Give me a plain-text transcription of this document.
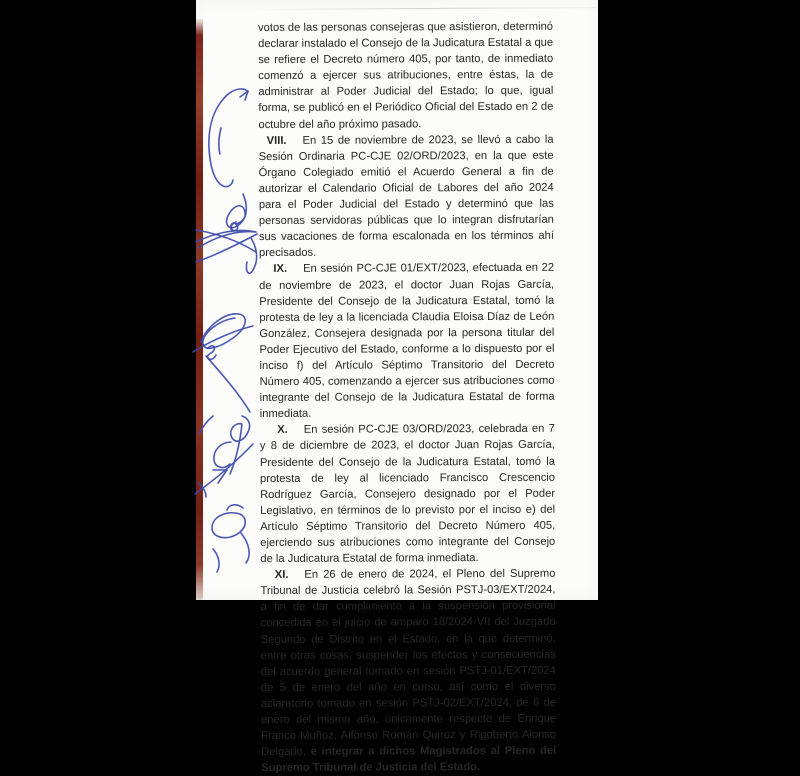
votos de las personas consejeras que asistieron, determinó declarar instalado el Consejo de la Judicatura Estatal a que se refiere el Decreto número 405, por tanto, de inmediato comenzó a ejercer sus atribuciones, entre éstas, la de administrar al Poder Judicial del Estado; lo que, igual forma, se publicó en el Periódico Oficial del Estado en 2 de octubre del año próximo pasado.

VIII. En 15 de noviembre de 2023, se llevó a cabo la Sesión Ordinaria PC-CJE 02/ORD/2023, en la que este Órgano Colegiado emitió el Acuerdo General a fin de autorizar el Calendario Oficial de Labores del año 2024 para el Poder Judicial del Estado y determinó que las personas servidoras públicas que lo integran disfrutarían sus vacaciones de forma escalonada en los términos ahí precisados.

IX. En sesión PC-CJE 01/EXT/2023, efectuada en 22 de noviembre de 2023, el doctor Juan Rojas García, Presidente del Consejo de la Judicatura Estatal, tomó la protesta de ley a la licenciada Claudia Eloisa Díaz de León González, Consejera designada por la persona titular del Poder Ejecutivo del Estado, conforme a lo dispuesto por el inciso f) del Artículo Séptimo Transitorio del Decreto Número 405, comenzando a ejercer sus atribuciones como integrante del Consejo de la Judicatura Estatal de forma inmediata.

X. En sesión PC-CJE 03/ORD/2023, celebrada en 7 y 8 de diciembre de 2023, el doctor Juan Rojas García, Presidente del Consejo de la Judicatura Estatal, tomó la protesta de ley al licenciado Francisco Crescencio Rodríguez García, Consejero designado por el Poder Legislativo, en términos de lo previsto por el inciso e) del Artículo Séptimo Transitorio del Decreto Número 405, ejerciendo sus atribuciones como integrante del Consejo de la Judicatura Estatal de forma inmediata.

XI. En 26 de enero de 2024, el Pleno del Supremo Tribunal de Justicia celebró la Sesión PSTJ-03/EXT/2024, a fin de dar cumplimiento a la suspensión provisional concedida en el juicio de amparo 18/2024-VII del Juzgado Segundo de Distrito en el Estado, en la que determinó, entre otras cosas, suspender los efectos y consecuencias del acuerdo general tomado en sesión PSTJ-01/EXT/2024 de 5 de enero del año en curso, así como el diverso aclaratorio tomado en sesión PSTJ-02/EXT/2024, de 8 de enero del mismo año, únicamente respecto de Enrique Franco Muñoz, Alfonso Román Quiroz y Rigoberto Alonso Delgado, e integrar a dichos Magistrados al Pleno del Supremo Tribunal de Justicia del Estado.
